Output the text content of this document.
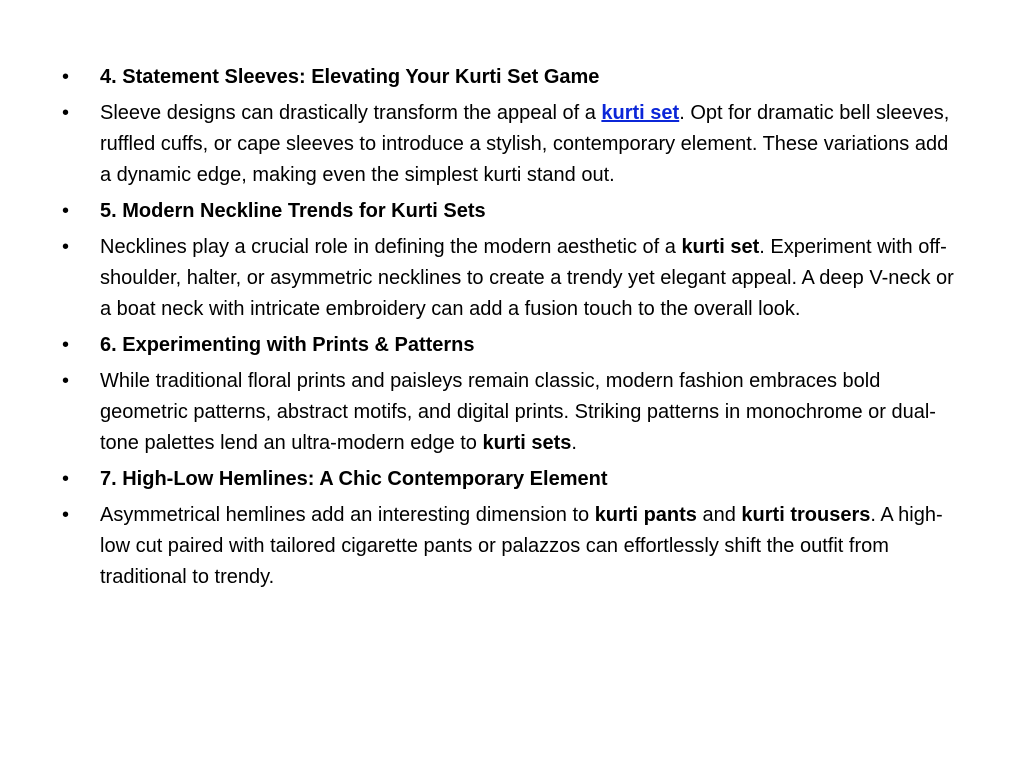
•	4. Statement Sleeves: Elevating Your Kurti Set Game
•	Sleeve designs can drastically transform the appeal of a kurti set. Opt for dramatic bell sleeves, ruffled cuffs, or cape sleeves to introduce a stylish, contemporary element. These variations add a dynamic edge, making even the simplest kurti stand out.
•	5. Modern Neckline Trends for Kurti Sets
•	Necklines play a crucial role in defining the modern aesthetic of a kurti set. Experiment with off-shoulder, halter, or asymmetric necklines to create a trendy yet elegant appeal. A deep V-neck or a boat neck with intricate embroidery can add a fusion touch to the overall look.
•	6. Experimenting with Prints & Patterns
•	While traditional floral prints and paisleys remain classic, modern fashion embraces bold geometric patterns, abstract motifs, and digital prints. Striking patterns in monochrome or dual-tone palettes lend an ultra-modern edge to kurti sets.
•	7. High-Low Hemlines: A Chic Contemporary Element
•	Asymmetrical hemlines add an interesting dimension to kurti pants and kurti trousers. A high-low cut paired with tailored cigarette pants or palazzos can effortlessly shift the outfit from traditional to trendy.
